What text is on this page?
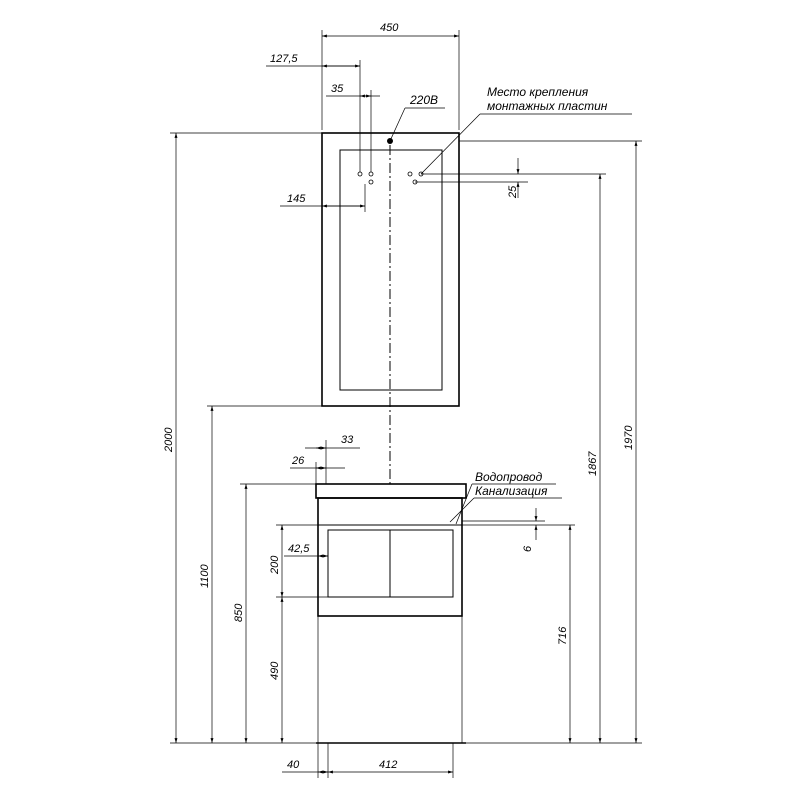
450
127,5
35
220В
Место крепления
монтажных пластин
145
25
2000	1970
1867
1100
850
33
26
42,5
200
490
Водопровод
Канализация
6
716
40	412
